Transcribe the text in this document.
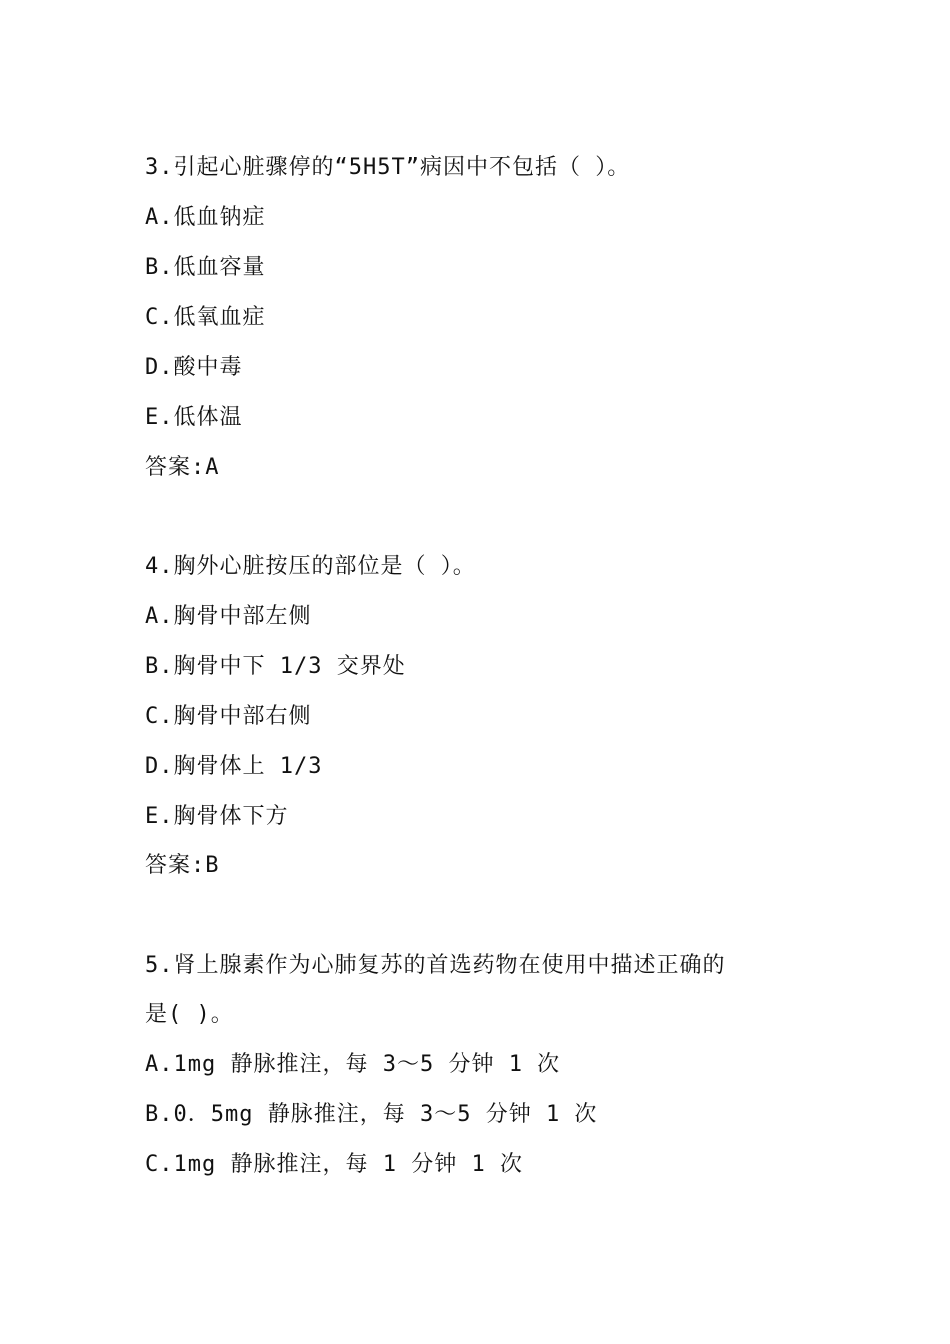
3.引起心脏骤停的“5H5T”病因中不包括（ ）。
A.低血钠症
B.低血容量
C.低氧血症
D.酸中毒
E.低体温
答案:A
4.胸外心脏按压的部位是（ ）。
A.胸骨中部左侧
B.胸骨中下 1/3 交界处
C.胸骨中部右侧
D.胸骨体上 1/3
E.胸骨体下方
答案:B
5.肾上腺素作为心肺复苏的首选药物在使用中描述正确的
是( )。
A.1mg 静脉推注，每 3～5 分钟 1 次
B.0．5mg 静脉推注，每 3～5 分钟 1 次
C.1mg 静脉推注，每 1 分钟 1 次
